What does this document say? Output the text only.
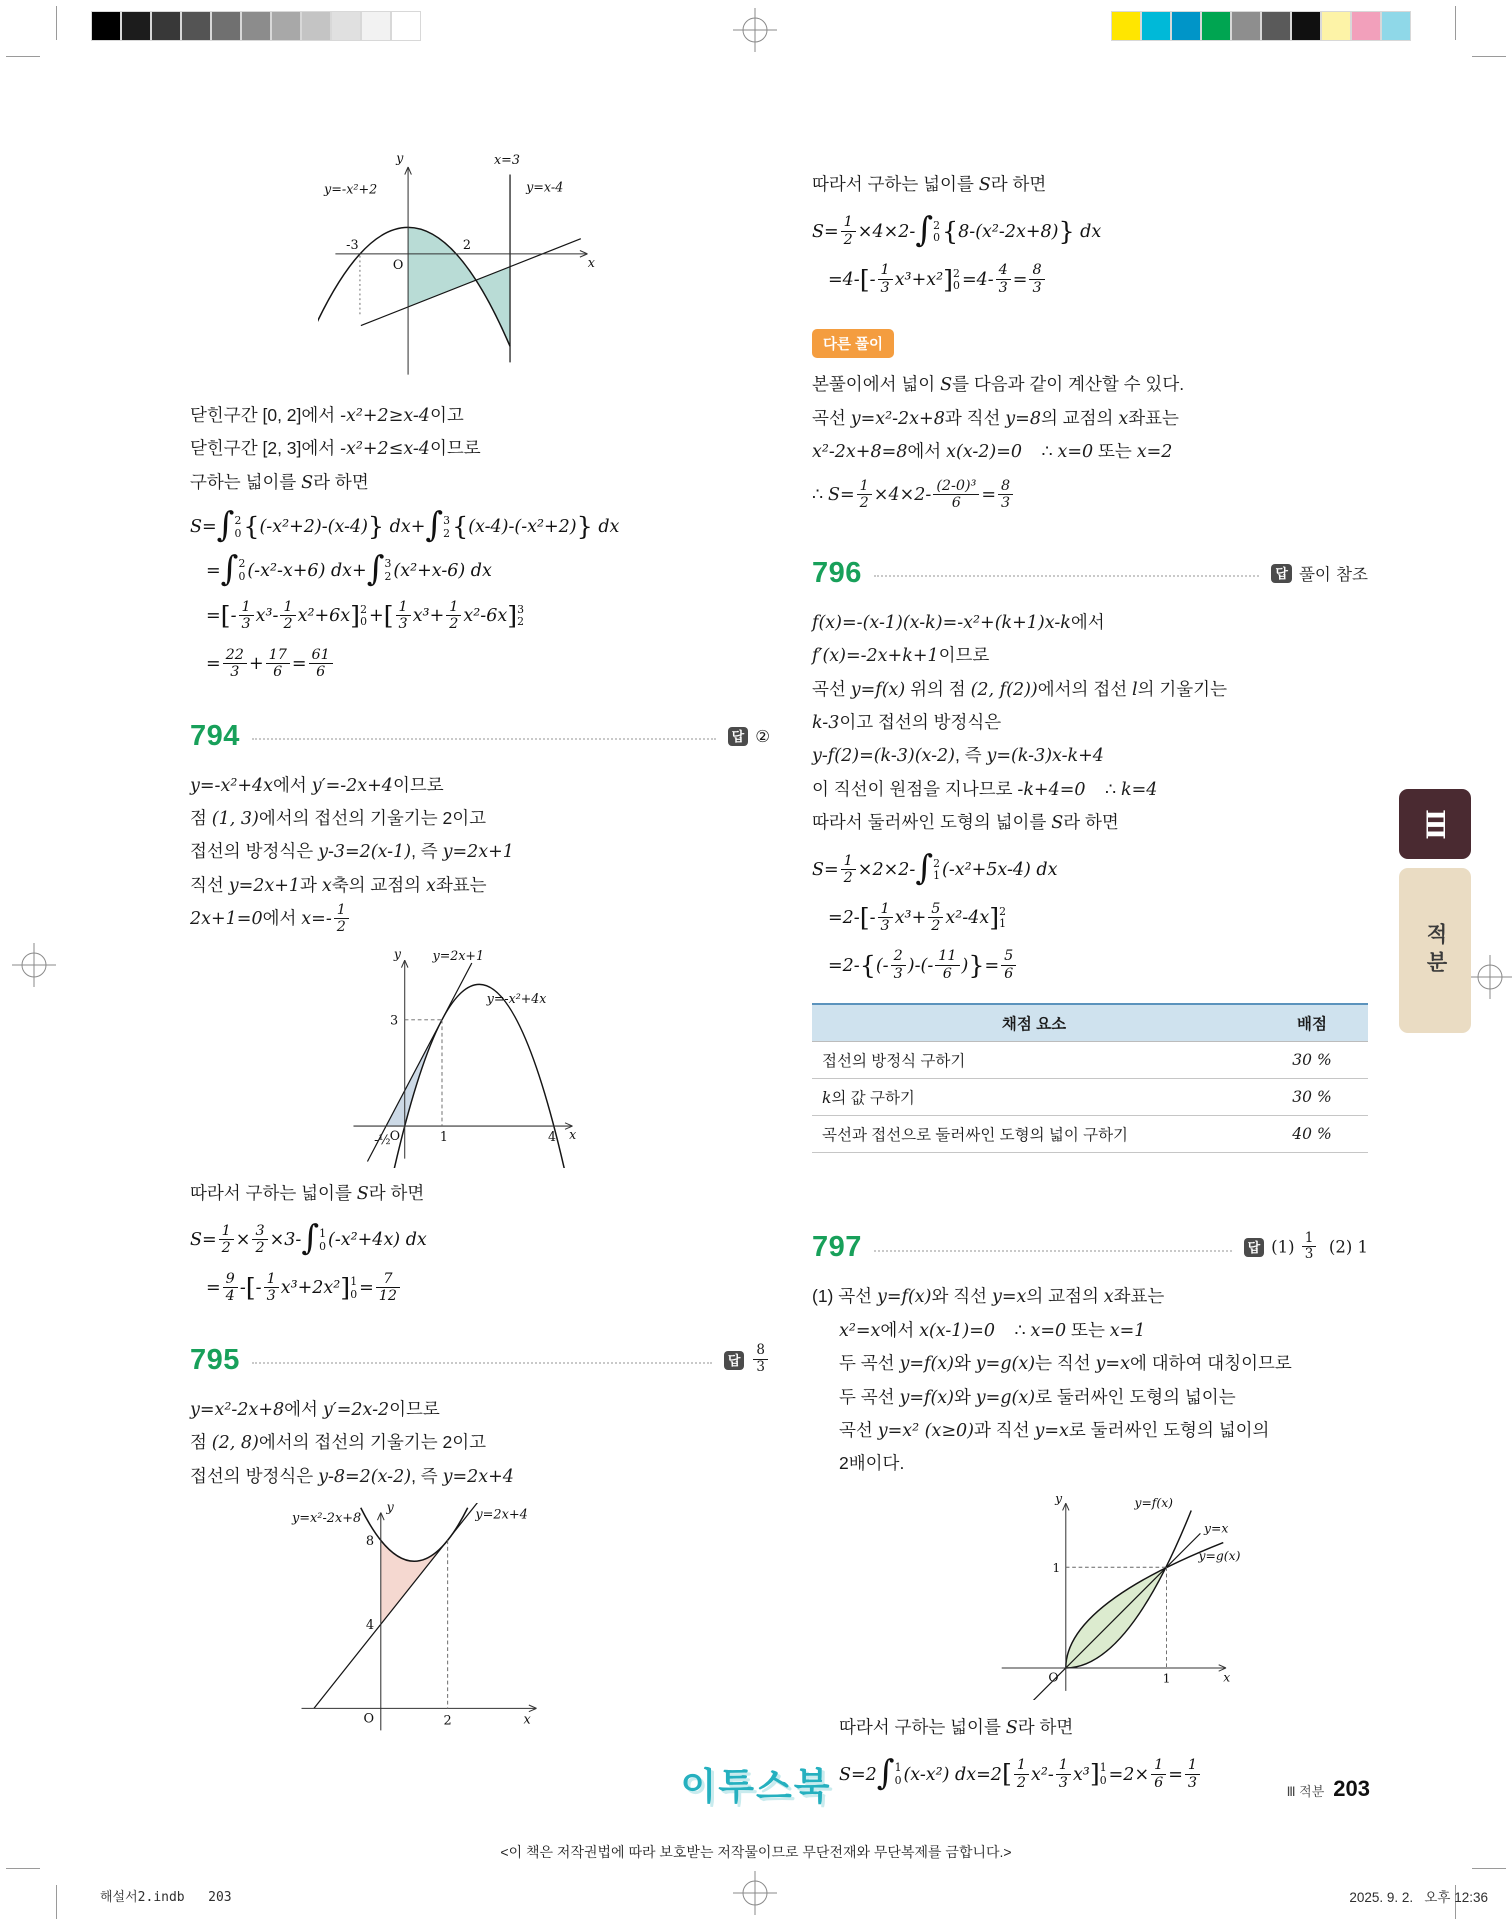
Ⅲ
적분
y
x
O
-3	2
y=-x²+2
x=3
y=x-4
닫힌구간 [0, 2]에서 -x²+2≥x-4이고
닫힌구간 [2, 3]에서 -x²+2≤x-4이므로
구하는 넓이를 S라 하면
S=∫ 2
0 {(-x²+2)-(x-4)} dx+∫ 3
2 {(x-4)-(-x²+2)} dx
=∫ 2
0 (-x²-x+6) dx+∫ 3
2 (x²+x-6) dx
=[- $\frac{1}{3} x^3- \frac{1}{2} x^2+6x$] 2
0 +[ $\frac{1}{3} x^3+ \frac{1}{2} x^2-6x$] 3
2
= $\frac{22}{3} + \frac{17}{6} = \frac{61}{6}$
794	답 ②
y=-x²+4x에서 y′=-2x+4이므로
점 (1, 3)에서의 접선의 기울기는 2이고
접선의 방정식은 y-3=2(x-1), 즉 y=2x+1
직선 y=2x+1과 x축의 교점의 x좌표는
2x+1=0에서 $x=- \frac{1}{2}$
y
x
O
3
-½	1	4
y=2x+1
y=-x²+4x
따라서 구하는 넓이를 S라 하면
$S= \frac{1}{2} \times \frac{3}{2} \times 3-\int$ 1
0 (-x²+4x) dx
= $\frac{9}{4}$ -[- $\frac{1}{3} x^3+2x^2$] 1
$0 = \frac{7}{12}$
795	답 $\frac{8}{3}$
y=x²-2x+8에서 y′=2x-2이므로
점 (2, 8)에서의 접선의 기울기는 2이고
접선의 방정식은 y-8=2(x-2), 즉 y=2x+4
y=x²-2x+8	y=2x+4
8
4
O	2	x
y
따라서 구하는 넓이를 S라 하면
$S= \frac{1}{2} \times 4\times 2-\int$ 2
0 {8-(x²-2x+8)} dx
$=4-[- \frac{1}{3} x^3+x^2]$ 2
$0 =4- \frac{4}{3} = \frac{8}{3}$
다른 풀이
본풀이에서 넓이 S를 다음과 같이 계산할 수 있다.
곡선 y=x²-2x+8과 직선 y=8의 교점의 x좌표는
x²-2x+8=8에서 x(x-2)=0    ∴ x=0 또는 x=2
∴ $S= \frac{1}{2} \times 4\times 2- \frac{\text{(2-0)³}}{6} = \frac{8}{3}$
796	답 풀이 참조
f(x)=-(x-1)(x-k)=-x²+(k+1)x-k에서
f′(x)=-2x+k+1이므로
곡선 y=f(x) 위의 점 (2, f(2))에서의 접선 l의 기울기는
k-3이고 접선의 방정식은
y-f(2)=(k-3)(x-2), 즉 y=(k-3)x-k+4
이 직선이 원점을 지나므로 -k+4=0    ∴ k=4
따라서 둘러싸인 도형의 넓이를 S라 하면
$S= \frac{1}{2} \times 2\times 2-\int$ 2
1 (-x²+5x-4) dx
$=2-[- \frac{1}{3} x^3+ \frac{5}{2} x^2-4x]$ 2
1
$=2-\{(- \frac{2}{3}$ )-(- $\frac{11}{6}$ )}= $\frac{5}{6}$
채점 요소	배점
접선의 방정식 구하기	30 %
k의 값 구하기	30 %
곡선과 접선으로 둘러싸인 도형의 넓이 구하기	40 %
797	답 $(1) \frac{1}{3} (2)$ 1
(1) 곡선 y=f(x)와 직선 y=x의 교점의 x좌표는
x²=x에서 x(x-1)=0    ∴ x=0 또는 x=1
두 곡선 y=f(x)와 y=g(x)는 직선 y=x에 대하여 대칭이므로
두 곡선 y=f(x)와 y=g(x)로 둘러싸인 도형의 넓이는
곡선 y=x² (x≥0)과 직선 y=x로 둘러싸인 도형의 넓이의
2배이다.
y=f(x)
y=x
y=g(x)
1
1
O	x
y
따라서 구하는 넓이를 S라 하면
S=2∫ 1
0 (x-x²) $dx=2[ \frac{1}{2} x^2- \frac{1}{3} x^3]$ 1
$0 =2\times \frac{1}{6} = \frac{1}{3}$
이투스북	Ⅲ 적분 203
<이 책은 저작권법에 따라 보호받는 저작물이므로 무단전재와 무단복제를 금합니다.>
해설서2.indb   203	2025. 9. 2.   오후 12:36
